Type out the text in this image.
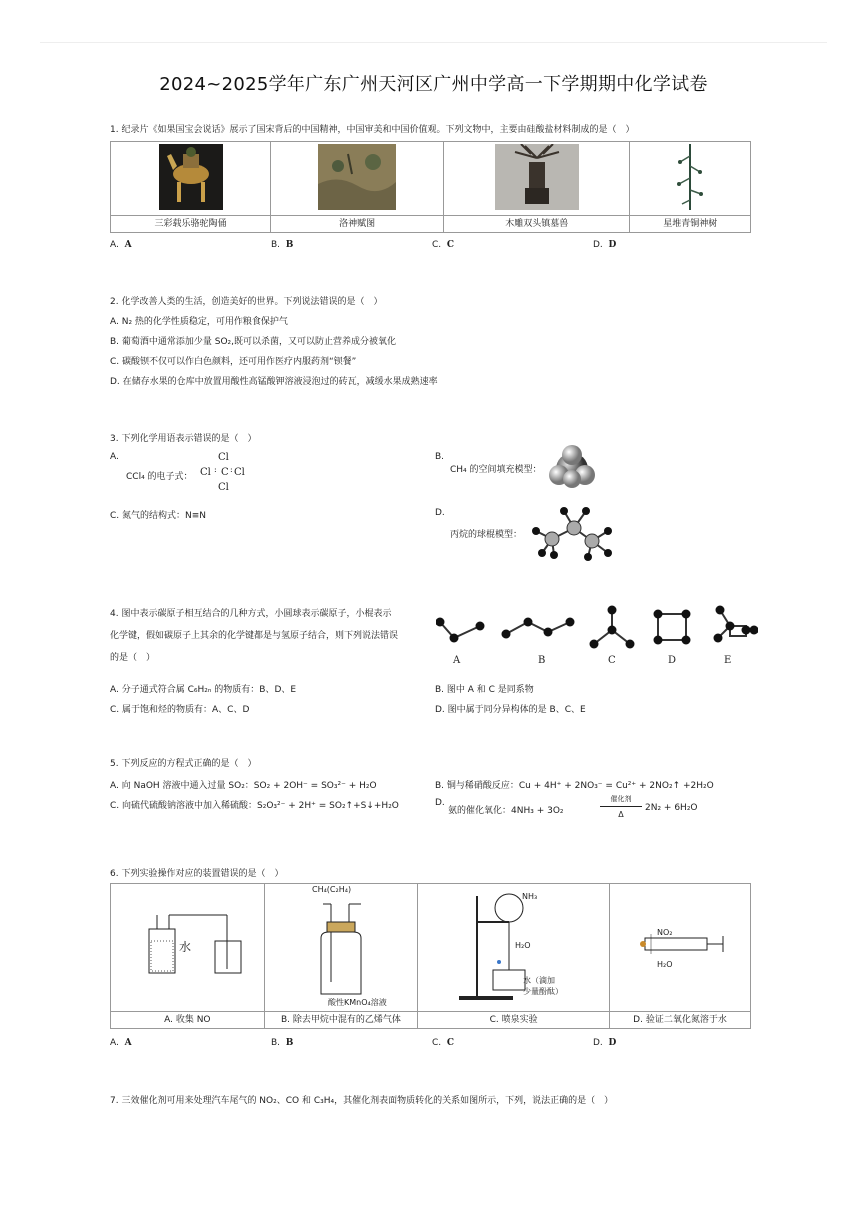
2024~2025学年广东广州天河区广州中学高一下学期期中化学试卷

1. 纪录片《如果国宝会说话》展示了国宋背后的中国精神，中国审美和中国价值观。下列文物中，主要由硅酸盐材料制成的是（　）

三彩载乐骆驼陶俑	洛神赋图	木雕双头镇墓兽	星堆青铜神树
A. A	B. B	C. C	D. D

2. 化学改善人类的生活，创造美好的世界。下列说法错误的是（　）

A. N₂ 热的化学性质稳定，可用作粮食保护气

B. 葡萄酒中通常添加少量 SO₂,既可以杀菌，又可以防止营养成分被氧化

C. 碳酸钡不仅可以作白色颜料，还可用作医疗内服药剂“钡餐”

D. 在储存水果的仓库中放置用酸性高锰酸钾溶液浸泡过的砖瓦，减缓水果成熟速率

3. 下列化学用语表示错误的是（　）

A.
CCl₄ 的电子式：
Cl
Cl : C : Cl
Cl
B.
CH₄ 的空间填充模型：
C. 氮气的结构式：N≡N	D.
丙烷的球棍模型：

4. 图中表示碳原子相互结合的几种方式，小圆球表示碳原子，小棍表示

化学键，假如碳原子上其余的化学键都是与氢原子结合，则下列说法错误

的是（　）	A	B	C	D	E
A. 分子通式符合属 C₆H₂ₙ 的物质有：B、D、E	B. 图中 A 和 C 是同系物
C. 属于饱和烃的物质有：A、C、D	D. 图中属于同分异构体的是 B、C、E

5. 下列反应的方程式正确的是（　）

A. 向 NaOH 溶液中通入过量 SO₂：SO₂ + 2OH⁻ = SO₃²⁻ + H₂O	B. 铜与稀硝酸反应：Cu + 4H⁺ + 2NO₃⁻ = Cu²⁺ + 2NO₂↑ +2H₂O
C. 向硫代硫酸钠溶液中加入稀硫酸：S₂O₃²⁻ + 2H⁺ = SO₂↑+S↓+H₂O	D.
氨的催化氧化：4NH₃ + 3O₂
催化剂
Δ
2N₂ + 6H₂O

6. 下列实验操作对应的装置错误的是（　）

水

A. 收集 NO	B. 除去甲烷中混有的乙烯气体	C. 喷泉实验	D. 验证二氧化氮溶于水
CH₄(C₂H₄)
酸性KMnO₄溶液
NH₃
H₂O
水（滴加
少量酚酞）
NO₂
H₂O
A. A	B. B	C. C	D. D

7. 三效催化剂可用来处理汽车尾气的 NO₂、CO 和 C₃H₄，其催化剂表面物质转化的关系如图所示，下列，说法正确的是（　）
